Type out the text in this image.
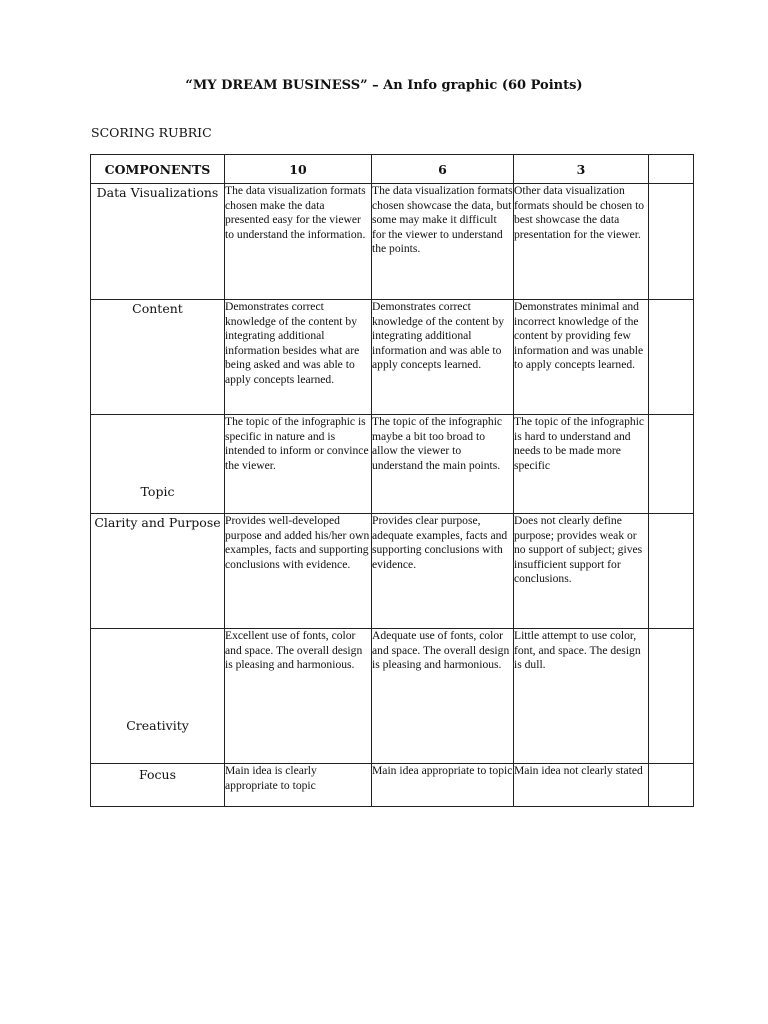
“MY DREAM BUSINESS” – An Info graphic (60 Points)
SCORING RUBRIC
COMPONENTS	10	6	3	
Data Visualizations	The data visualization formats chosen make the data presented easy for the viewer to understand the information.	The data visualization formats chosen showcase the data, but some may make it difficult for the viewer to understand the points.	Other data visualization formats should be chosen to best showcase the data presentation for the viewer.	
Content	Demonstrates correct knowledge of the content by integrating additional information besides what are being asked and was able to apply concepts learned.	Demonstrates correct knowledge of the content by integrating additional information and was able to apply concepts learned.	Demonstrates minimal and incorrect knowledge of the content by providing few information and was unable to apply concepts learned.	
Topic	The topic of the infographic is specific in nature and is intended to inform or convince the viewer.	The topic of the infographic maybe a bit too broad to allow the viewer to understand the main points.	The topic of the infographic is hard to understand and needs to be made more specific	
Clarity and Purpose	Provides well-developed purpose and added his/her own examples, facts and supporting conclusions with evidence.	Provides clear purpose, adequate examples, facts and supporting conclusions with evidence.	Does not clearly define purpose; provides weak or no support of subject; gives insufficient support for conclusions.	
Creativity	Excellent use of fonts, color and space. The overall design is pleasing and harmonious.	Adequate use of fonts, color and space. The overall design is pleasing and harmonious.	Little attempt to use color, font, and space. The design is dull.	
Focus	Main idea is clearly appropriate to topic	Main idea appropriate to topic	Main idea not clearly stated	
